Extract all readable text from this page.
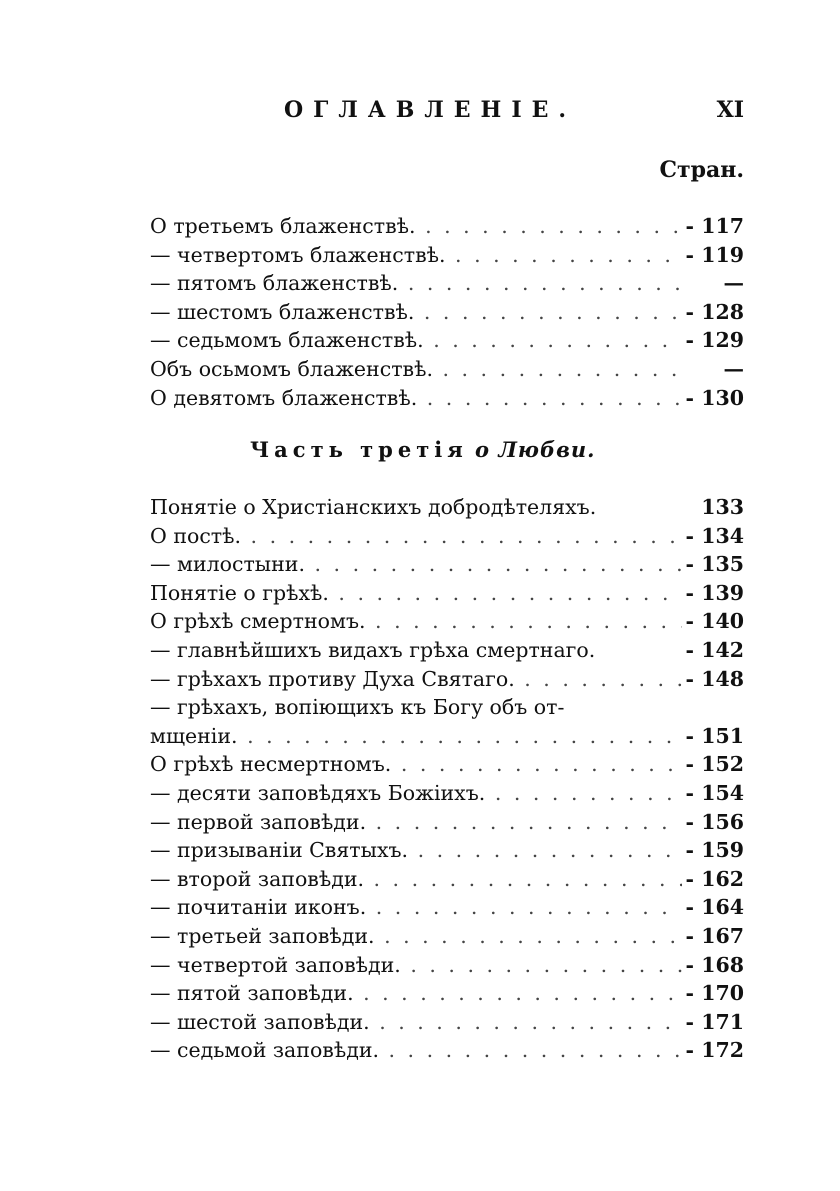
ОГЛАВЛЕНІЕ.	XI
Стран.
О третьемъ блаженствѣ. . . .	- 117
— четвертомъ блаженствѣ. . . .	- 119
— пятомъ блаженствѣ. . . .	—
— шестомъ блаженствѣ. . . .	- 128
— седьмомъ блаженствѣ. . . .	- 129
Объ осьмомъ блаженствѣ. . . .	—
О девятомъ блаженствѣ. . . .	- 130
Часть третія о Любви.
Понятіе о Христіанскихъ добродѣтеляхъ.	133
О постѣ. . . .	- 134
— милостыни. . . .	- 135
Понятіе о грѣхѣ. . . .	- 139
О грѣхѣ смертномъ. . . .	- 140
— главнѣйшихъ видахъ грѣха смертнаго.	- 142
— грѣхахъ противу Духа Святаго. . . .	- 148
— грѣхахъ, вопіющихъ къ Богу объ от-
мщеніи. . . .	- 151
О грѣхѣ несмертномъ. . . .	- 152
— десяти заповѣдяхъ Божіихъ. . . .	- 154
— первой заповѣди. . . .	- 156
— призываніи Святыхъ. . . .	- 159
— второй заповѣди. . . .	- 162
— почитаніи иконъ. . . .	- 164
— третьей заповѣди. . . .	- 167
— четвертой заповѣди. . . .	- 168
— пятой заповѣди. . . .	- 170
— шестой заповѣди. . . .	- 171
— седьмой заповѣди. . . .	- 172
